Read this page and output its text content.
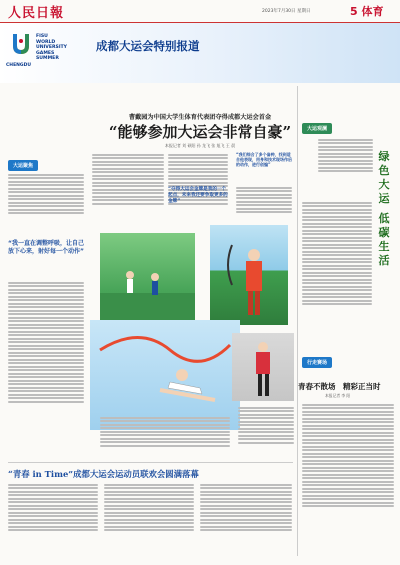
人民日報	2023年7月30日 星期日	5 体育
FISU
WORLD
UNIVERSITY
GAMES
SUMMER
CHENGDU
成都大运会特别报道
曹戴园为中国大学生体育代表团夺得成都大运会首金
“能够参加大运会非常自豪”
本报记者 刘 硕阳 孙 龙飞 张 旭飞 王 晨
大运聚焦
“我一直在调整呼吸，让自己放下心来，射好每一个动作”
“夺得大运会金牌是我的一个起点，未来我还要争取更多的金牌”
“我们综合了多个备种，找到适合他表现，用身和技术现场作后的动作，进行创编”
大运观澜
绿
色
大
运
低
碳
生
活
行走赛场
青春不散场　精彩正当时
本报记者 李 阳
“青春 in Time”成都大运会运动员联欢会圆满落幕
